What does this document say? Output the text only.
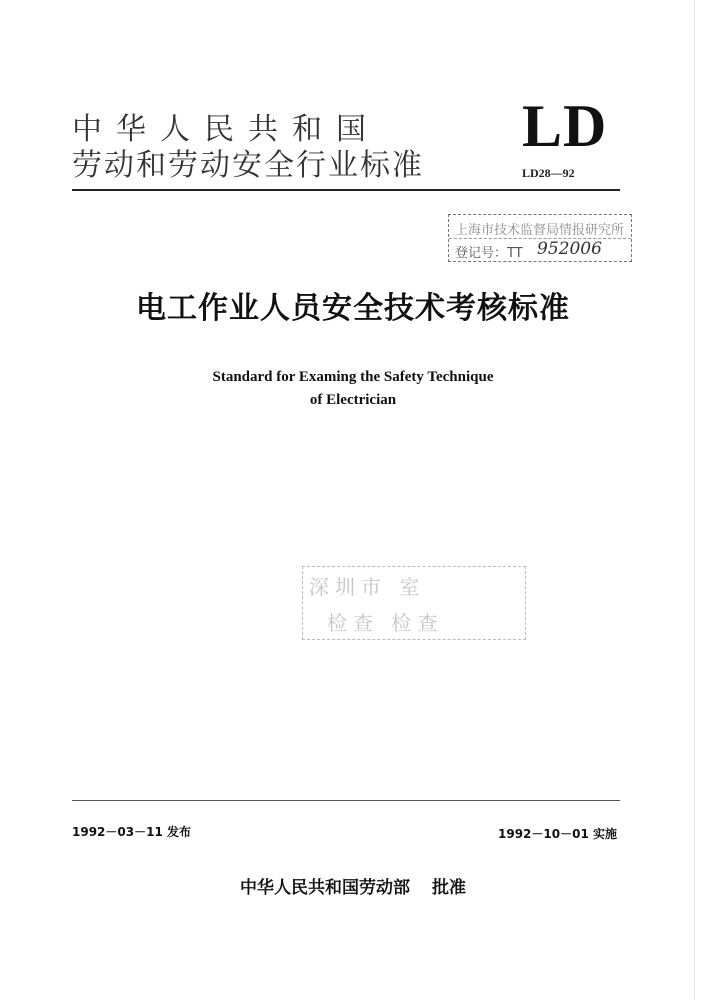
中华人民共和国
劳动和劳动安全行业标准
LD
LD28—92
上海市技术监督局情报研究所
登记号：TT 952006
电工作业人员安全技术考核标准
Standard for Examing the Safety Technique
of Electrician
深圳市 室
检查 检查
1992－03－11 发布	1992－10－01 实施
中华人民共和国劳动部 批准
